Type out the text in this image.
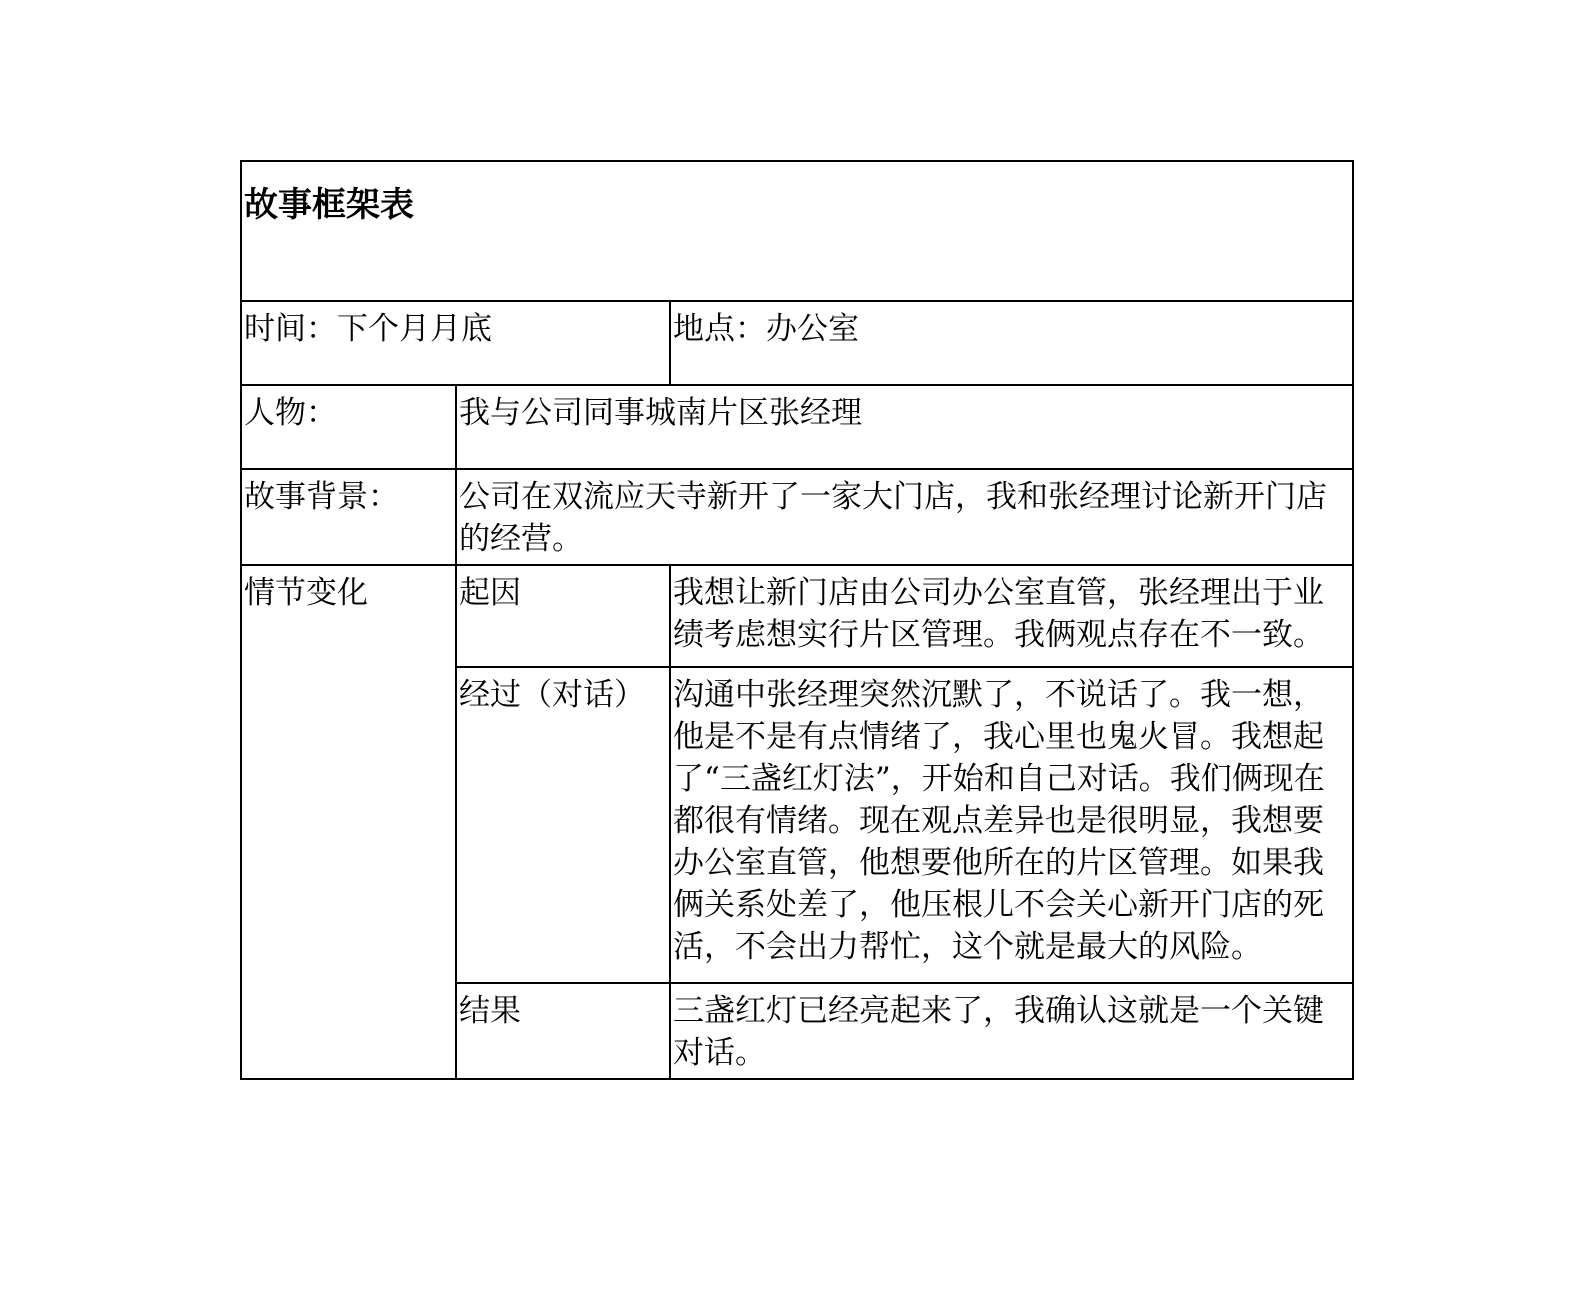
故事框架表		
时间：下个月月底		地点：办公室
人物：	我与公司同事城南片区张经理	
故事背景：	公司在双流应天寺新开了一家大门店，我和张经理讨论新开门店的经营。	
情节变化	起因	我想让新门店由公司办公室直管，张经理出于业绩考虑想实行片区管理。我俩观点存在不一致。
	经过（对话）	沟通中张经理突然沉默了，不说话了。我一想，他是不是有点情绪了，我心里也鬼火冒。我想起了“三盏红灯法”，开始和自己对话。我们俩现在都很有情绪。现在观点差异也是很明显，我想要办公室直管，他想要他所在的片区管理。如果我俩关系处差了，他压根儿不会关心新开门店的死活，不会出力帮忙，这个就是最大的风险。
	结果	三盏红灯已经亮起来了，我确认这就是一个关键对话。
